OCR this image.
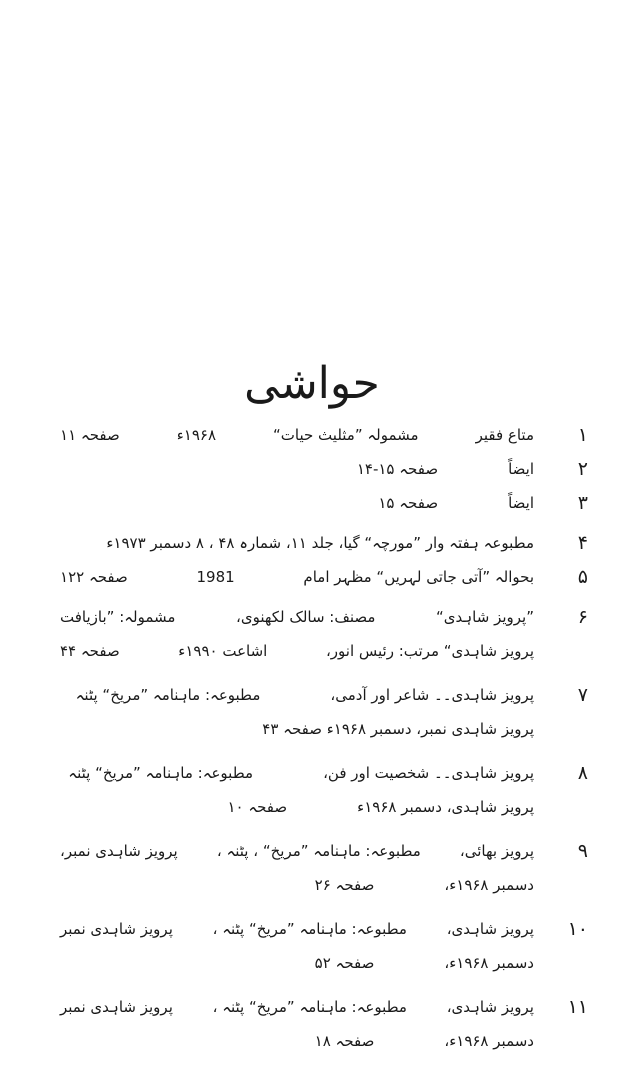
حواشی
۱
متاع فقیر
مشمولہ ”مثلیث حیات“
۱۹۶۸ء
صفحہ ۱۱
۲
ایضاً
صفحہ ۱۵-۱۴
۳
ایضاً
صفحہ ۱۵
۴
مطبوعہ ہفتہ وار ”مورچہ“ گیا، جلد ۱۱، شمارہ ۴۸ ، ۸ دسمبر ۱۹۷۳ء
۵
بحوالہ ”آتی جاتی لہریں“ مظہر امام
1981
صفحہ ۱۲۲
۶
”پرویز شاہدی“
مصنف: سالک لکھنوی،
مشمولہ: ”بازیافت
پرویز شاہدی“ مرتب: رئیس انور،
اشاعت ۱۹۹۰ء
صفحہ ۴۴
۷
پرویز شاہدی۔۔ شاعر اور آدمی،
مطبوعہ: ماہنامہ ”مریخ“ پٹنہ
پرویز شاہدی نمبر، دسمبر ۱۹۶۸ء صفحہ ۴۳
۸
پرویز شاہدی۔۔ شخصیت اور فن،
مطبوعہ: ماہنامہ ”مریخ“ پٹنہ
پرویز شاہدی، دسمبر ۱۹۶۸ء
صفحہ ۱۰
۹
پرویز بھائی،
مطبوعہ: ماہنامہ ”مریخ“ ، پٹنہ ،
پرویز شاہدی نمبر،
دسمبر ۱۹۶۸ء،
صفحہ ۲۶
۱۰
پرویز شاہدی،
مطبوعہ: ماہنامہ ”مریخ“ پٹنہ ،
پرویز شاہدی نمبر
دسمبر ۱۹۶۸ء،
صفحہ ۵۲
۱۱
پرویز شاہدی،
مطبوعہ: ماہنامہ ”مریخ“ پٹنہ ،
پرویز شاہدی نمبر
دسمبر ۱۹۶۸ء،
صفحہ ۱۸
